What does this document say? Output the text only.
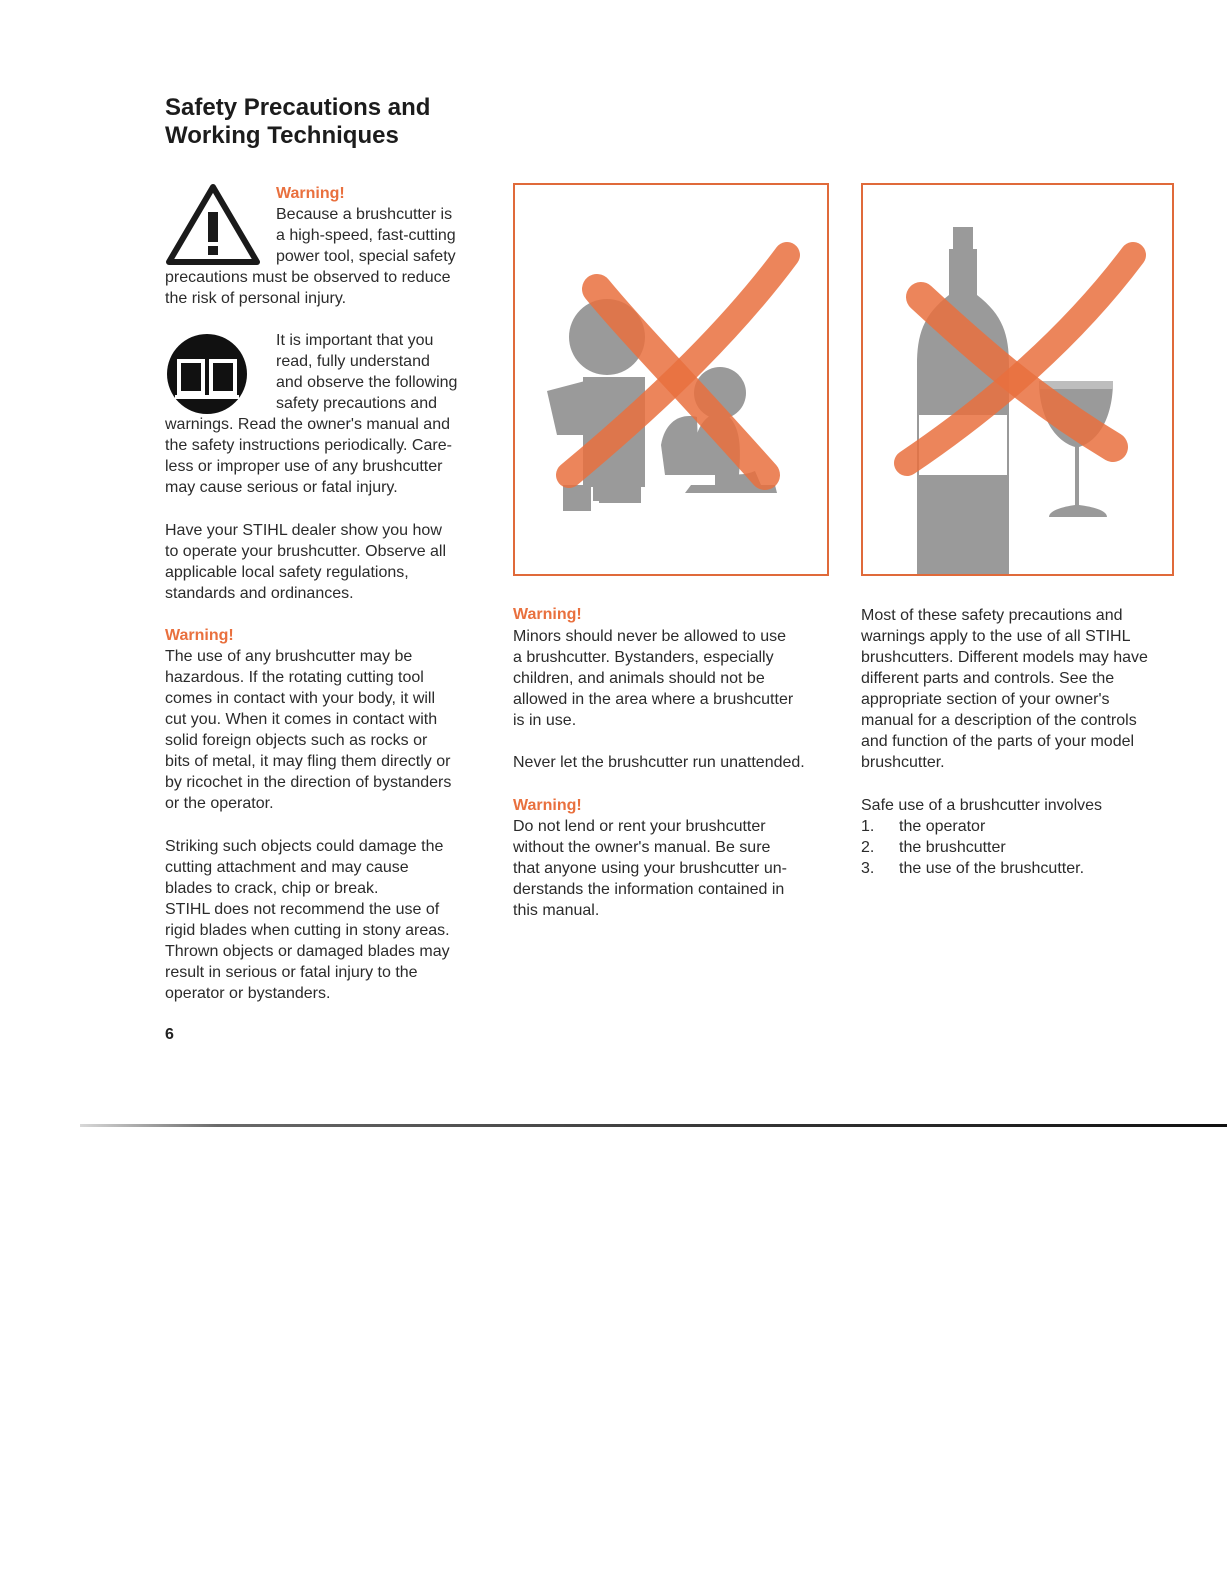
Safety Precautions and
Working Techniques
Warning!
Because a brushcutter is
a high-speed, fast-cutting
power tool, special safety
precautions must be observed to reduce
the risk of personal injury.
It is important that you
read, fully understand
and observe the following
safety precautions and
warnings. Read the owner's manual and
the safety instructions periodically. Care-
less or improper use of any brushcutter
may cause serious or fatal injury.
Have your STIHL dealer show you how
to operate your brushcutter. Observe all
applicable local safety regulations,
standards and ordinances.
Warning!
The use of any brushcutter may be
hazardous. If the rotating cutting tool
comes in contact with your body, it will
cut you. When it comes in contact with
solid foreign objects such as rocks or
bits of metal, it may fling them directly or
by ricochet in the direction of bystanders
or the operator.
Striking such objects could damage the
cutting attachment and may cause
blades to crack, chip or break.
STIHL does not recommend the use of
rigid blades when cutting in stony areas.
Thrown objects or damaged blades may
result in serious or fatal injury to the
operator or bystanders.
6
Warning!
Minors should never be allowed to use
a brushcutter. Bystanders, especially
children, and animals should not be
allowed in the area where a brushcutter
is in use.
Never let the brushcutter run unattended.
Warning!
Do not lend or rent your brushcutter
without the owner's manual. Be sure
that anyone using your brushcutter un-
derstands the information contained in
this manual.
Most of these safety precautions and
warnings apply to the use of all STIHL
brushcutters. Different models may have
different parts and controls. See the
appropriate section of your owner's
manual for a description of the controls
and function of the parts of your model
brushcutter.
Safe use of a brushcutter involves
1.	the operator
2.	the brushcutter
3.	the use of the brushcutter.
